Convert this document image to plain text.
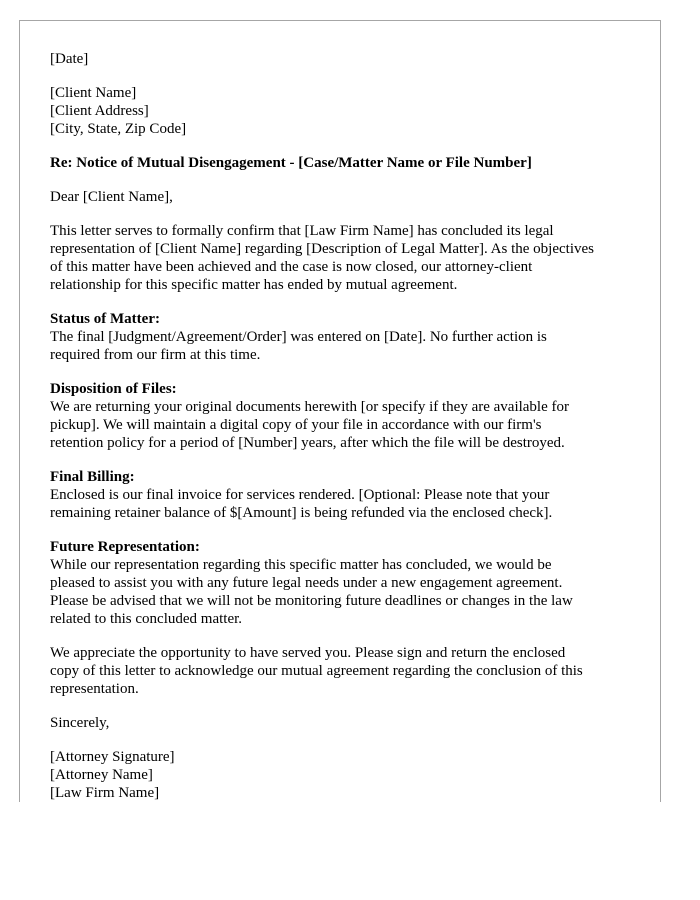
[Date]
[Client Name]
[Client Address]
[City, State, Zip Code]
Re: Notice of Mutual Disengagement - [Case/Matter Name or File Number]
Dear [Client Name],
This letter serves to formally confirm that [Law Firm Name] has concluded its legal
representation of [Client Name] regarding [Description of Legal Matter]. As the objectives
of this matter have been achieved and the case is now closed, our attorney-client
relationship for this specific matter has ended by mutual agreement.
Status of Matter:
The final [Judgment/Agreement/Order] was entered on [Date]. No further action is
required from our firm at this time.
Disposition of Files:
We are returning your original documents herewith [or specify if they are available for
pickup]. We will maintain a digital copy of your file in accordance with our firm's
retention policy for a period of [Number] years, after which the file will be destroyed.
Final Billing:
Enclosed is our final invoice for services rendered. [Optional: Please note that your
remaining retainer balance of $[Amount] is being refunded via the enclosed check].
Future Representation:
While our representation regarding this specific matter has concluded, we would be
pleased to assist you with any future legal needs under a new engagement agreement.
Please be advised that we will not be monitoring future deadlines or changes in the law
related to this concluded matter.
We appreciate the opportunity to have served you. Please sign and return the enclosed
copy of this letter to acknowledge our mutual agreement regarding the conclusion of this
representation.
Sincerely,
[Attorney Signature]
[Attorney Name]
[Law Firm Name]
